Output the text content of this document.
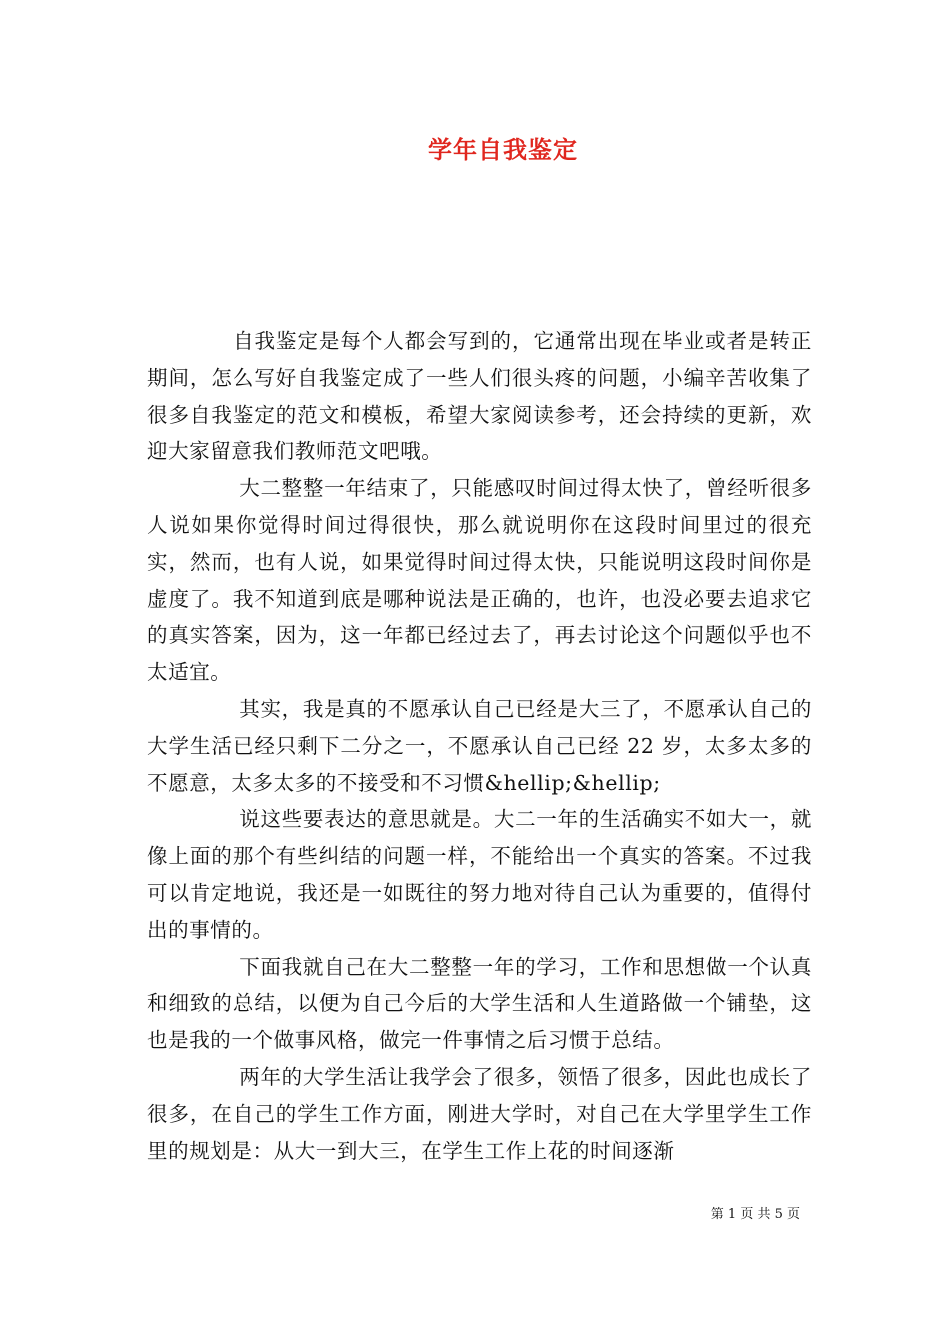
学年自我鉴定

自我鉴定是每个人都会写到的，它通常出现在毕业或者是转正期间，怎么写好自我鉴定成了一些人们很头疼的问题，小编辛苦收集了很多自我鉴定的范文和模板，希望大家阅读参考，还会持续的更新，欢迎大家留意我们教师范文吧哦。

大二整整一年结束了，只能感叹时间过得太快了，曾经听很多人说如果你觉得时间过得很快，那么就说明你在这段时间里过的很充实，然而，也有人说，如果觉得时间过得太快，只能说明这段时间你是虚度了。我不知道到底是哪种说法是正确的，也许，也没必要去追求它的真实答案，因为，这一年都已经过去了，再去讨论这个问题似乎也不太适宜。

其实，我是真的不愿承认自己已经是大三了，不愿承认自己的大学生活已经只剩下二分之一，不愿承认自己已经 22 岁，太多太多的不愿意，太多太多的不接受和不习惯&hellip;&hellip;

说这些要表达的意思就是。大二一年的生活确实不如大一，就像上面的那个有些纠结的问题一样，不能给出一个真实的答案。不过我可以肯定地说，我还是一如既往的努力地对待自己认为重要的，值得付出的事情的。

下面我就自己在大二整整一年的学习，工作和思想做一个认真和细致的总结，以便为自己今后的大学生活和人生道路做一个铺垫，这也是我的一个做事风格，做完一件事情之后习惯于总结。

两年的大学生活让我学会了很多，领悟了很多，因此也成长了很多，在自己的学生工作方面，刚进大学时，对自己在大学里学生工作里的规划是：从大一到大三，在学生工作上花的时间逐渐

第 1 页 共 5 页
